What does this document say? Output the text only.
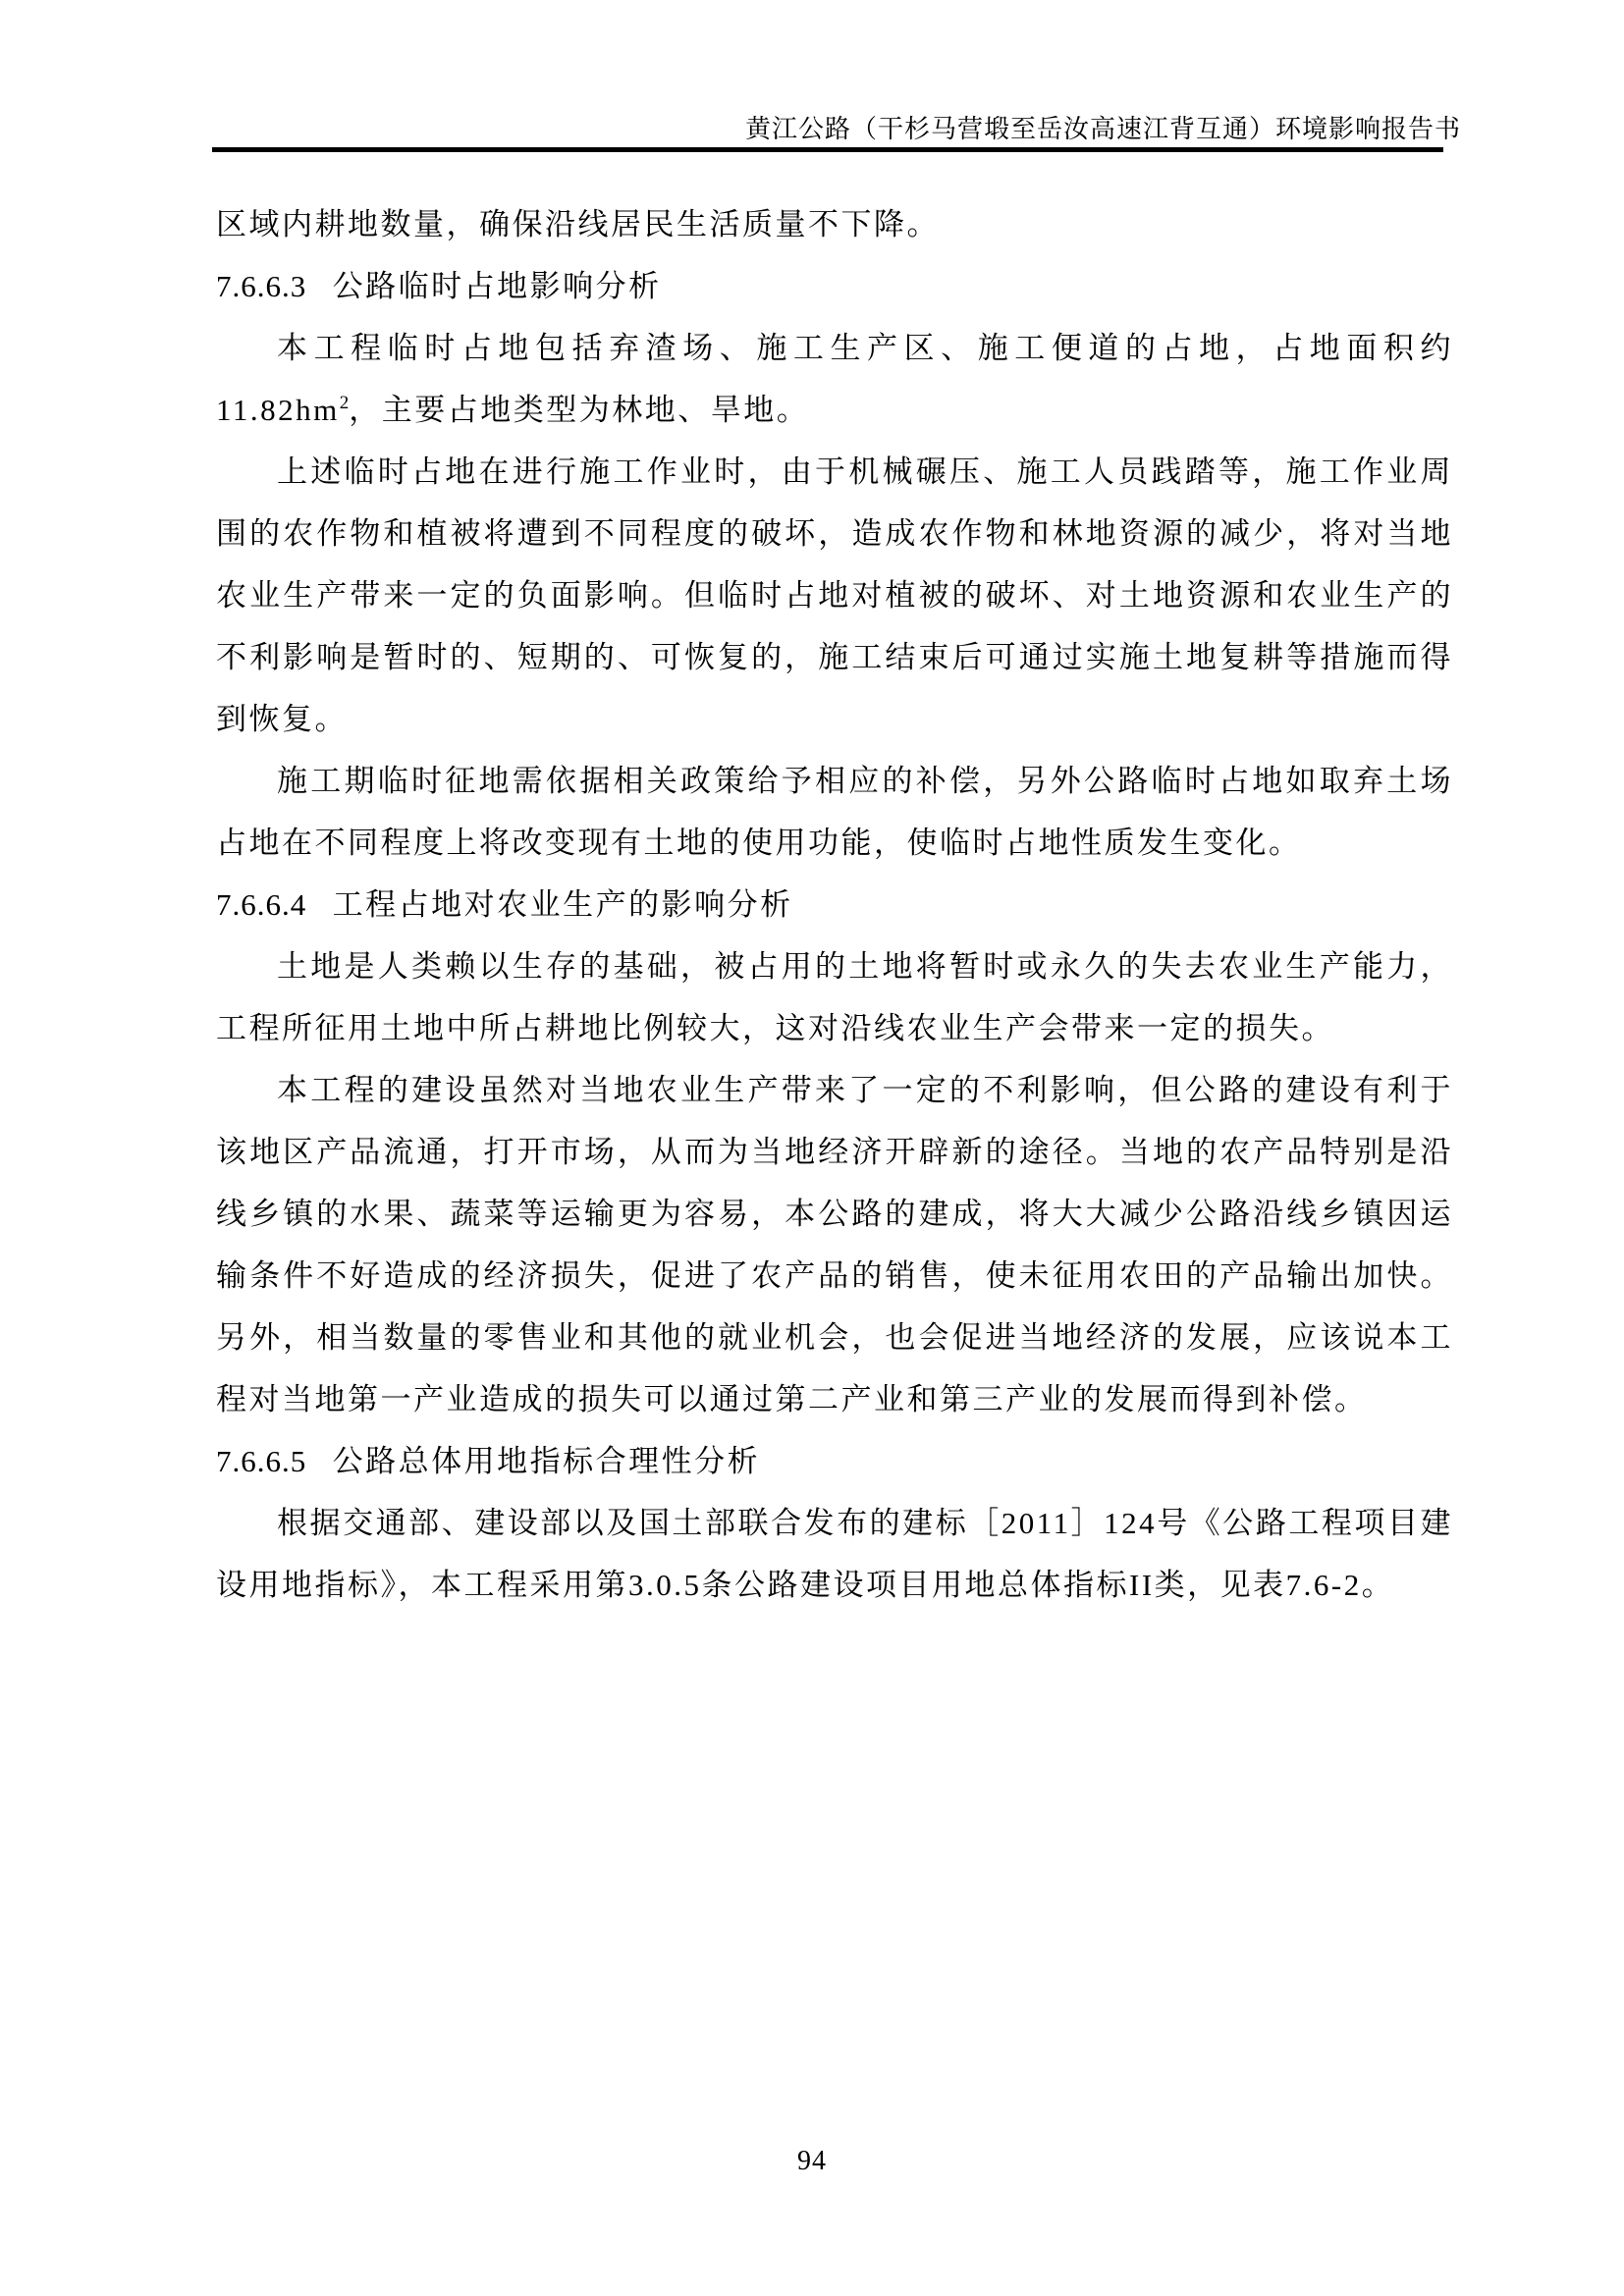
黄江公路（干杉马营塅至岳汝高速江背互通）环境影响报告书

区域内耕地数量，确保沿线居民生活质量不下降。

7.6.6.3 公路临时占地影响分析

本工程临时占地包括弃渣场、施工生产区、施工便道的占地，占地面积约$11.82hm^2$，主要占地类型为林地、旱地。

上述临时占地在进行施工作业时，由于机械碾压、施工人员践踏等，施工作业周围的农作物和植被将遭到不同程度的破坏，造成农作物和林地资源的减少，将对当地农业生产带来一定的负面影响。但临时占地对植被的破坏、对土地资源和农业生产的不利影响是暂时的、短期的、可恢复的，施工结束后可通过实施土地复耕等措施而得到恢复。

施工期临时征地需依据相关政策给予相应的补偿，另外公路临时占地如取弃土场占地在不同程度上将改变现有土地的使用功能，使临时占地性质发生变化。

7.6.6.4 工程占地对农业生产的影响分析

土地是人类赖以生存的基础，被占用的土地将暂时或永久的失去农业生产能力，工程所征用土地中所占耕地比例较大，这对沿线农业生产会带来一定的损失。

本工程的建设虽然对当地农业生产带来了一定的不利影响，但公路的建设有利于该地区产品流通，打开市场，从而为当地经济开辟新的途径。当地的农产品特别是沿线乡镇的水果、蔬菜等运输更为容易，本公路的建成，将大大减少公路沿线乡镇因运输条件不好造成的经济损失，促进了农产品的销售，使未征用农田的产品输出加快。另外，相当数量的零售业和其他的就业机会，也会促进当地经济的发展，应该说本工程对当地第一产业造成的损失可以通过第二产业和第三产业的发展而得到补偿。

7.6.6.5 公路总体用地指标合理性分析

根据交通部、建设部以及国土部联合发布的建标［2011］124号《公路工程项目建设用地指标》，本工程采用第3.0.5条公路建设项目用地总体指标II类，见表7.6-2。

94
